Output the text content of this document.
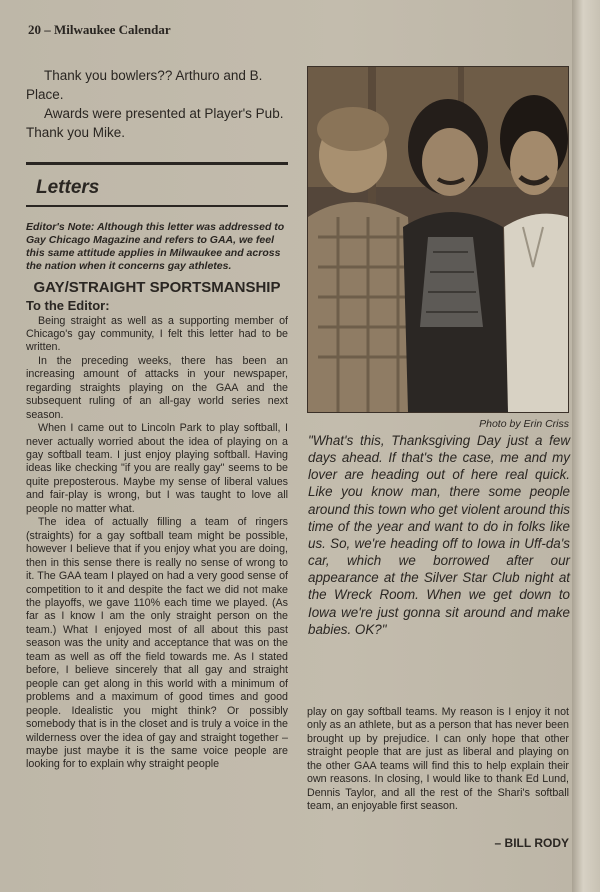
20 – Milwaukee Calendar

Thank you bowlers?? Arthuro and B. Place.

Awards were presented at Player's Pub. Thank you Mike.

Letters

Editor's Note: Although this letter was addressed to Gay Chicago Magazine and refers to GAA, we feel this same attitude applies in Milwaukee and across the nation when it concerns gay athletes.

GAY/STRAIGHT SPORTSMANSHIP

To the Editor:

Being straight as well as a supporting member of Chicago's gay community, I felt this letter had to be written.

In the preceding weeks, there has been an increasing amount of attacks in your newspaper, regarding straights playing on the GAA and the subsequent ruling of an all-gay world series next season.

When I came out to Lincoln Park to play softball, I never actually worried about the idea of playing on a gay softball team. I just enjoy playing softball. Having ideas like checking "if you are really gay" seems to be quite preposterous. Maybe my sense of liberal values and fair-play is wrong, but I was taught to love all people no matter what.

The idea of actually filling a team of ringers (straights) for a gay softball team might be possible, however I believe that if you enjoy what you are doing, then in this sense there is really no sense of wrong to it. The GAA team I played on had a very good sense of competition to it and despite the fact we did not make the playoffs, we gave 110% each time we played. (As far as I know I am the only straight person on the team.) What I enjoyed most of all about this past season was the unity and acceptance that was on the team as well as off the field towards me. As I stated before, I believe sincerely that all gay and straight people can get along in this world with a minimum of problems and a maximum of good times and good people. Idealistic you might think? Or possibly somebody that is in the closet and is truly a voice in the wilderness over the idea of gay and straight together – maybe just maybe it is the same voice people are looking for to explain why straight people

Photo by Erin Criss

"What's this, Thanksgiving Day just a few days ahead. If that's the case, me and my lover are heading out of here real quick. Like you know man, there some people around this town who get violent around this time of the year and want to do in folks like us. So, we're heading off to Iowa in Uff-da's car, which we borrowed after our appearance at the Silver Star Club night at the Wreck Room. When we get down to Iowa we're just gonna sit around and make babies. OK?"

play on gay softball teams. My reason is I enjoy it not only as an athlete, but as a person that has never been brought up by prejudice. I can only hope that other straight people that are just as liberal and playing on the other GAA teams will find this to help explain their own reasons. In closing, I would like to thank Ed Lund, Dennis Taylor, and all the rest of the Shari's softball team, an enjoyable first season.

– BILL RODY
